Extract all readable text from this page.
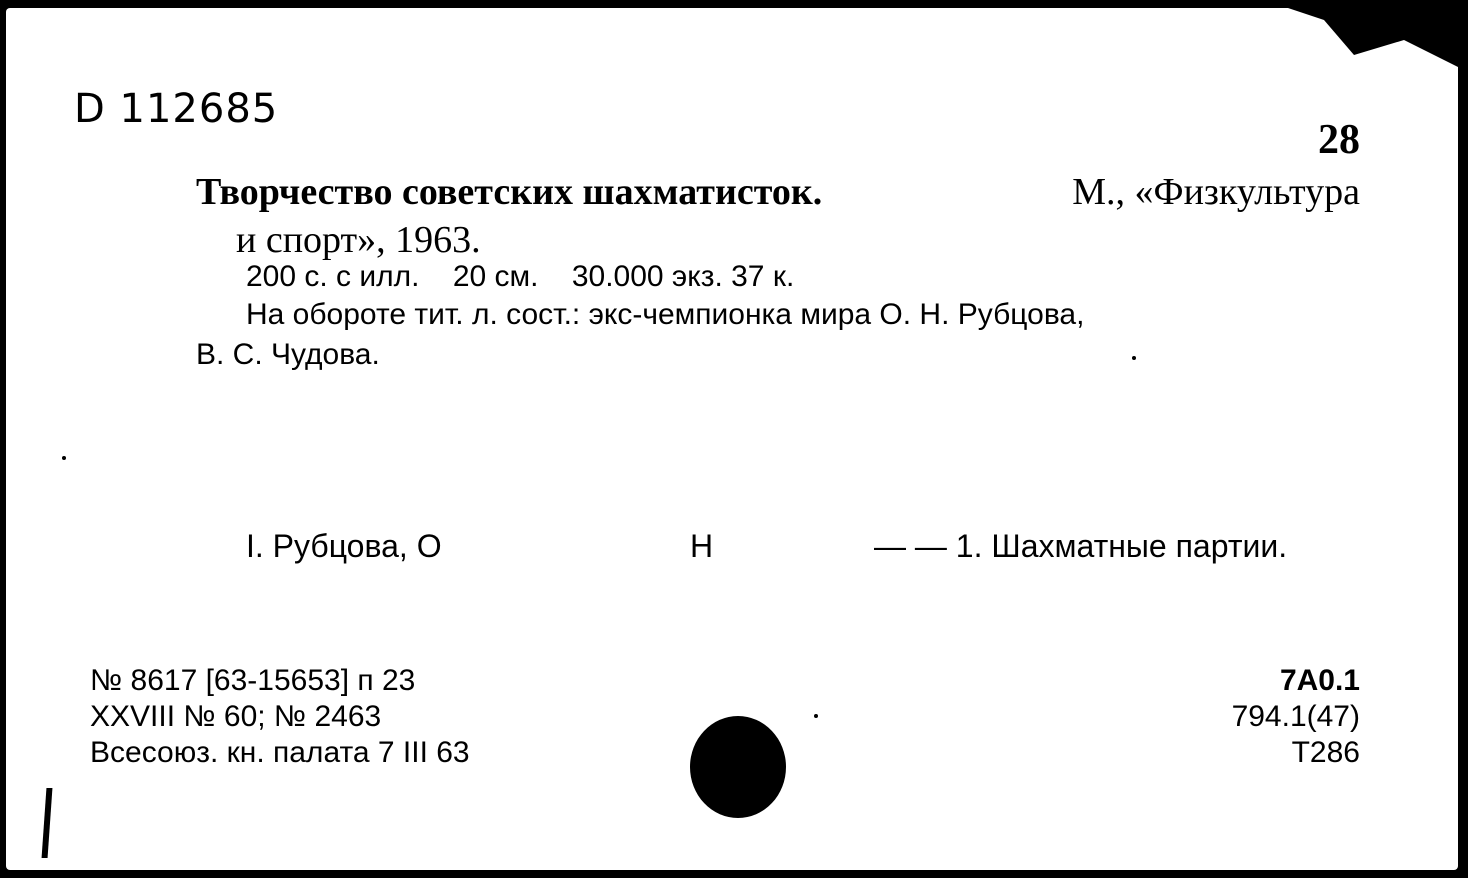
D 112685
28
Творчество советских шахматисток.	М., «Физкультура
и спорт», 1963.
200 с. с илл.    20 см.    30.000 экз. 37 к.
На обороте тит. л. сост.: экс-чемпионка мира О. Н. Рубцова,
В. С. Чудова.
I. Рубцова, О	Н	— — 1. Шахматные партии.
№ 8617 [63-15653] п 23
XXVIII № 60; № 2463
Всесоюз. кн. палата 7 III 63
7А0.1
794.1(47)
Т286
